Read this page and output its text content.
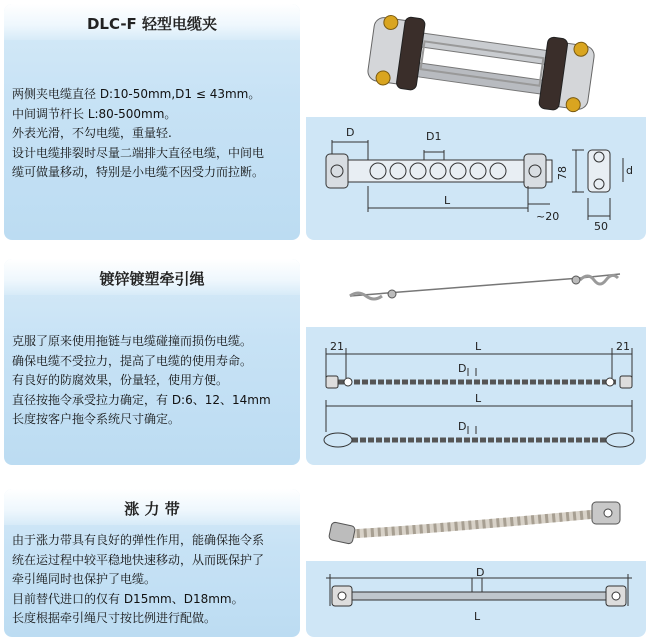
DLC-F 轻型电缆夹
两侧夹电缆直径 D:10-50mm,D1 ≤ 43mm。
中间调节杆长 L:80-500mm。
外表光滑，不勾电缆，重量轻.
设计电缆排裂时尽量二端排大直径电缆，中间电
缆可做量移动，特别是小电缆不因受力而拉断。
D	D1
L
~20
78	d
50
镀锌镀塑牵引绳
克服了原来使用拖链与电缆碰撞而损伤电缆。
确保电缆不受拉力，提高了电缆的使用寿命。
有良好的防腐效果，份量轻，使用方便。
直径按拖令承受拉力确定，有 D:6、12、14mm
长度按客户拖令系统尺寸确定。
21	21
L
D
L
D
涨 力 带
由于涨力带具有良好的弹性作用，能确保拖令系
统在运过程中较平稳地快速移动，从而既保护了
牵引绳同时也保护了电缆。
目前替代进口的仅有 D15mm、D18mm。
长度根据牵引绳尺寸按比例进行配做。
D
L
